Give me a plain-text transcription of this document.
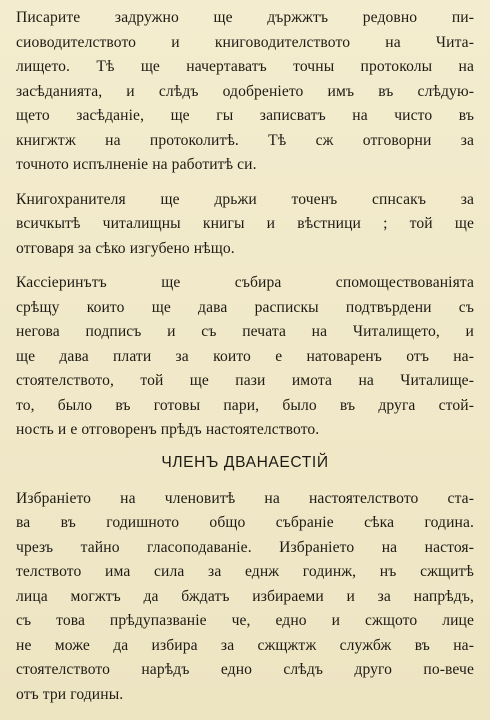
Писарите задружно ще държжтъ редовно пи-
сиоводителството и книговодителството на Чита-
лището. Тѣ ще начертаватъ точны протоколы на
засѣданията, и слѣдъ одобреніето имъ въ слѣдую-
щето засѣданіе, ще гы записватъ на чисто въ
книгжтж на протоколитѣ. Тѣ сж отговорни за
точното испълненіе на работитѣ си.
Книгохранителя ще дрьжи точенъ спнсакъ за
всичкытѣ читалищны книгы и вѣстници ; той ще
отговаря за сѣко изгубено нѣщо.
Кассіеринътъ ще събира спомоществованіята
срѣщу които ще дава распискы подтвърдени съ
негова подписъ и съ печата на Читалището, и
ще дава плати за които е натоваренъ отъ на-
стоятелството, той ще пази имота на Читалище-
то, было въ готовы пари, было въ друга стой-
ность и е отговоренъ прѣдъ настоятелството.
ЧЛЕНЪ ДВАНАЕСТІЙ
Избраніето на членовитѣ на настоятелството ста-
ва въ годишното общо събраніе сѣка година.
чрезъ тайно гласоподаваніе. Избраніето на настоя-
телството има сила за еднж годинж, нъ сжщитѣ
лица могжтъ да бждатъ избираеми и за напрѣдъ,
съ това прѣдупазваніе че, едно и сжщото лице
не може да избира за сжщжтж службж въ на-
стоятелството нарѣдъ едно слѣдъ друго по-вече
отъ три годины.
